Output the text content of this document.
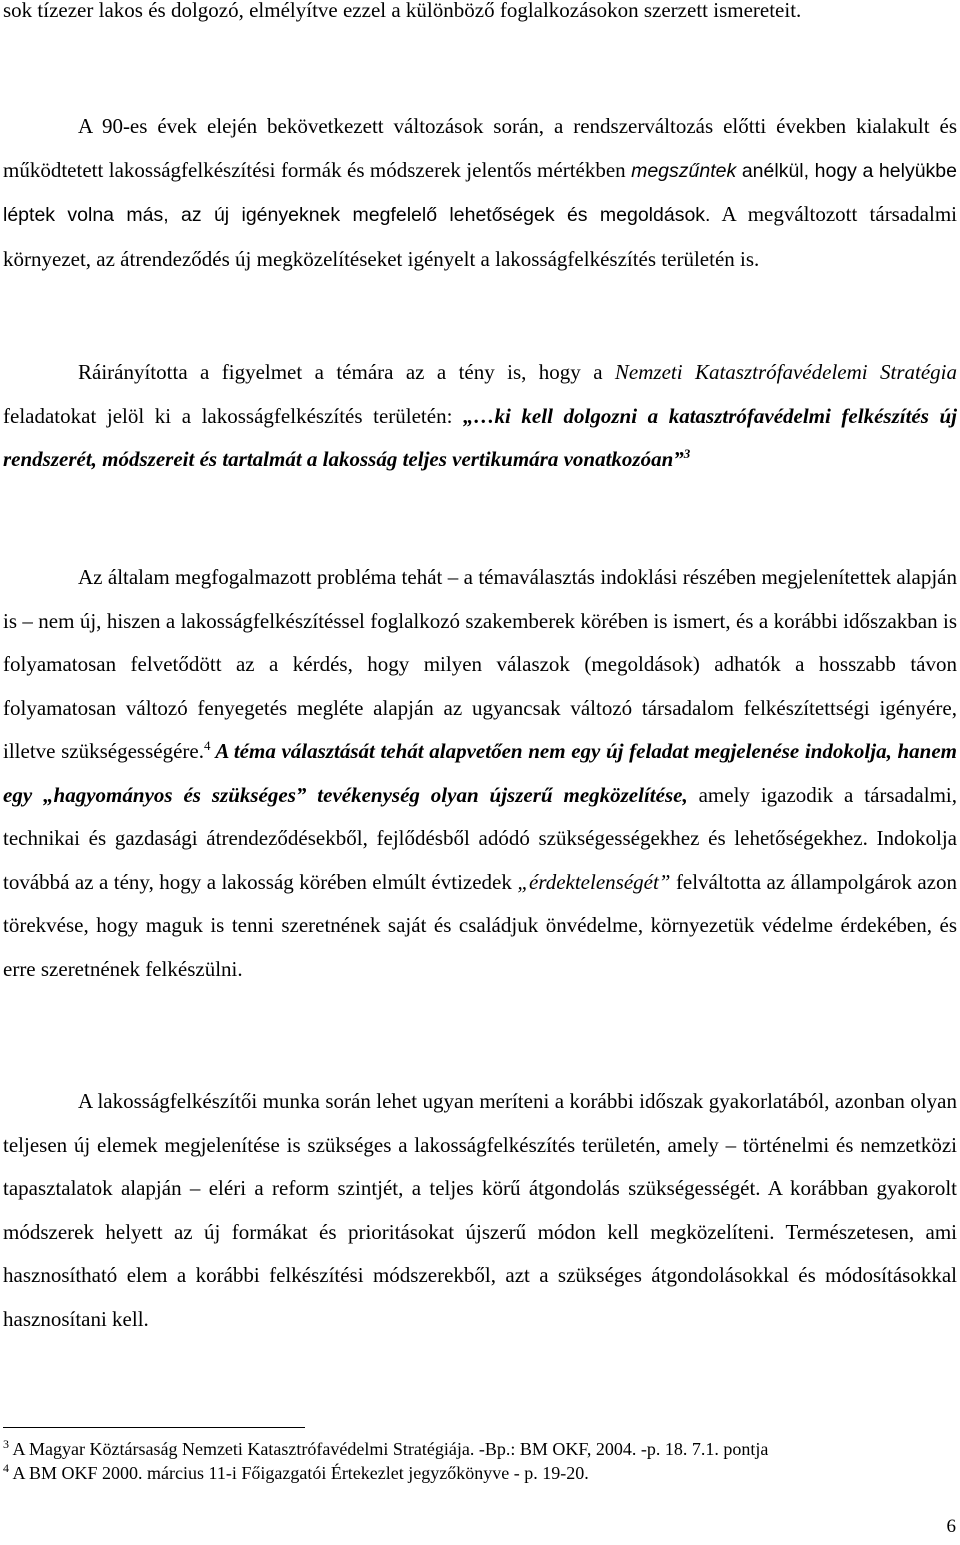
sok tízezer lakos és dolgozó, elmélyítve ezzel a különböző foglalkozásokon szerzett ismereteit.

A 90-es évek elején bekövetkezett változások során, a rendszerváltozás előtti években kialakult és működtetett lakosságfelkészítési formák és módszerek jelentős mértékben megszűntek anélkül, hogy a helyükbe léptek volna más, az új igényeknek megfelelő lehetőségek és megoldások. A megváltozott társadalmi környezet, az átrendeződés új megközelítéseket igényelt a lakosságfelkészítés területén is.

Ráirányította a figyelmet a témára az a tény is, hogy a Nemzeti Katasztrófavédelemi Stratégia feladatokat jelöl ki a lakosságfelkészítés területén: „…ki kell dolgozni a katasztrófavédelmi felkészítés új rendszerét, módszereit és tartalmát a lakosság teljes vertikumára vonatkozóan”$^3$

Az általam megfogalmazott probléma tehát – a témaválasztás indoklási részében megjelenítettek alapján is – nem új, hiszen a lakosságfelkészítéssel foglalkozó szakemberek körében is ismert, és a korábbi időszakban is folyamatosan felvetődött az a kérdés, hogy milyen válaszok (megoldások) adhatók a hosszabb távon folyamatosan változó fenyegetés megléte alapján az ugyancsak változó társadalom felkészítettségi igényére, illetve szükségességére.$^4$ A téma választását tehát alapvetően nem egy új feladat megjelenése indokolja, hanem egy „hagyományos és szükséges” tevékenység olyan újszerű megközelítése, amely igazodik a társadalmi, technikai és gazdasági átrendeződésekből, fejlődésből adódó szükségességekhez és lehetőségekhez. Indokolja továbbá az a tény, hogy a lakosság körében elmúlt évtizedek „érdektelenségét” felváltotta az állampolgárok azon törekvése, hogy maguk is tenni szeretnének saját és családjuk önvédelme, környezetük védelme érdekében, és erre szeretnének felkészülni.

A lakosságfelkészítői munka során lehet ugyan meríteni a korábbi időszak gyakorlatából, azonban olyan teljesen új elemek megjelenítése is szükséges a lakosságfelkészítés területén, amely – történelmi és nemzetközi tapasztalatok alapján – eléri a reform szintjét, a teljes körű átgondolás szükségességét. A korábban gyakorolt módszerek helyett az új formákat és prioritásokat újszerű módon kell megközelíteni. Természetesen, ami hasznosítható elem a korábbi felkészítési módszerekből, azt a szükséges átgondolásokkal és módosításokkal hasznosítani kell.

$^3$ A Magyar Köztársaság Nemzeti Katasztrófavédelmi Stratégiája. -Bp.: BM OKF, 2004. -p. 18. 7.1. pontja

$^4$ A BM OKF 2000. március 11-i Főigazgatói Értekezlet jegyzőkönyve - p. 19-20.

6
